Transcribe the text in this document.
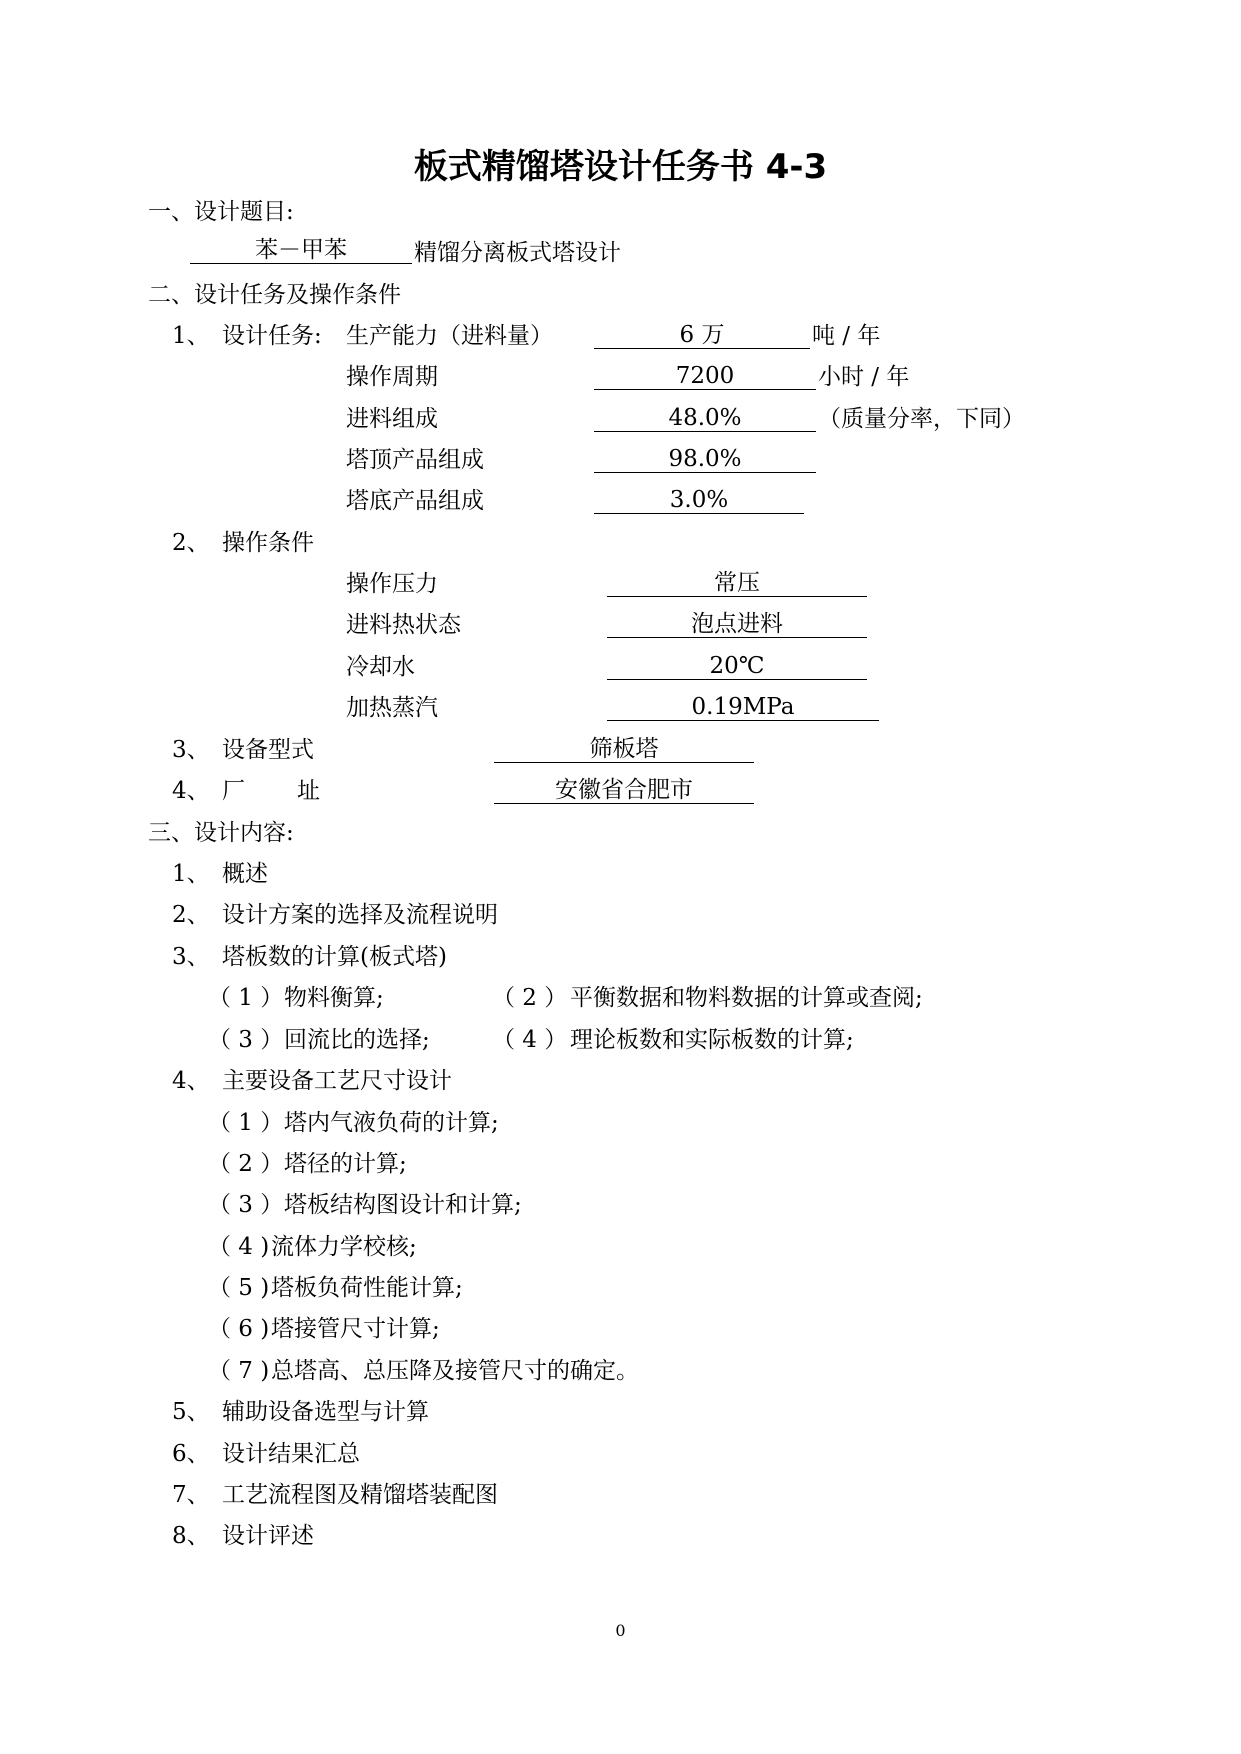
板式精馏塔设计任务书 4-3
一、设计题目:
苯－甲苯	精馏分离板式塔设计
二、设计任务及操作条件
1、 设计任务: 生产能力（进料量）	6 万	吨 / 年
操作周期	7200	小时 / 年
进料组成	48.0%	（质量分率，下同）
塔顶产品组成	98.0%
塔底产品组成	3.0%
2、 操作条件
操作压力	常压
进料热状态	泡点进料
冷却水	20℃
加热蒸汽	0.19MPa
3、 设备型式	筛板塔
4、 厂 址	安徽省合肥市
三、设计内容:
1、 概述
2、 设计方案的选择及流程说明
3、 塔板数的计算(板式塔)
（ 1 ） 物料衡算;	（ 2 ） 平衡数据和物料数据的计算或查阅;
（ 3 ） 回流比的选择;	（ 4 ） 理论板数和实际板数的计算;
4、 主要设备工艺尺寸设计
（ 1 ） 塔内气液负荷的计算;
（ 2 ） 塔径的计算;
（ 3 ） 塔板结构图设计和计算;
（ 4 ) 流体力学校核;
（ 5 ) 塔板负荷性能计算;
（ 6 ) 塔接管尺寸计算;
（ 7 ) 总塔高、总压降及接管尺寸的确定。
5、 辅助设备选型与计算
6、 设计结果汇总
7、 工艺流程图及精馏塔装配图
8、 设计评述
0
